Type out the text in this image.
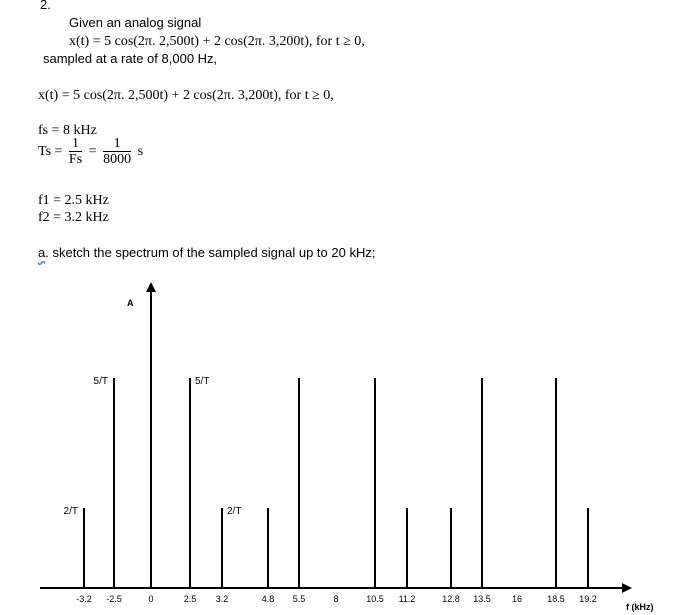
2.
Given an analog signal
x(t) = 5 cos(2π. 2,500t) + 2 cos(2π. 3,200t), for t ≥ 0,
sampled at a rate of 8,000 Hz,
x(t) = 5 cos(2π. 2,500t) + 2 cos(2π. 3,200t), for t ≥ 0,
fs = 8 kHz
$Ts = \frac{1}{Fs} = \frac{1}{8000}$ s
f1 = 2.5 kHz
f2 = 3.2 kHz
a. sketch the spectrum of the sampled signal up to 20 kHz;
A
f (kHz)
2/T
5/T	5/T
2/T
-3.2 -2.5	0	2.5 3.2	4.8 5.5	8	10.5 11.2	12.8 13.5 16	18.5 19.2
